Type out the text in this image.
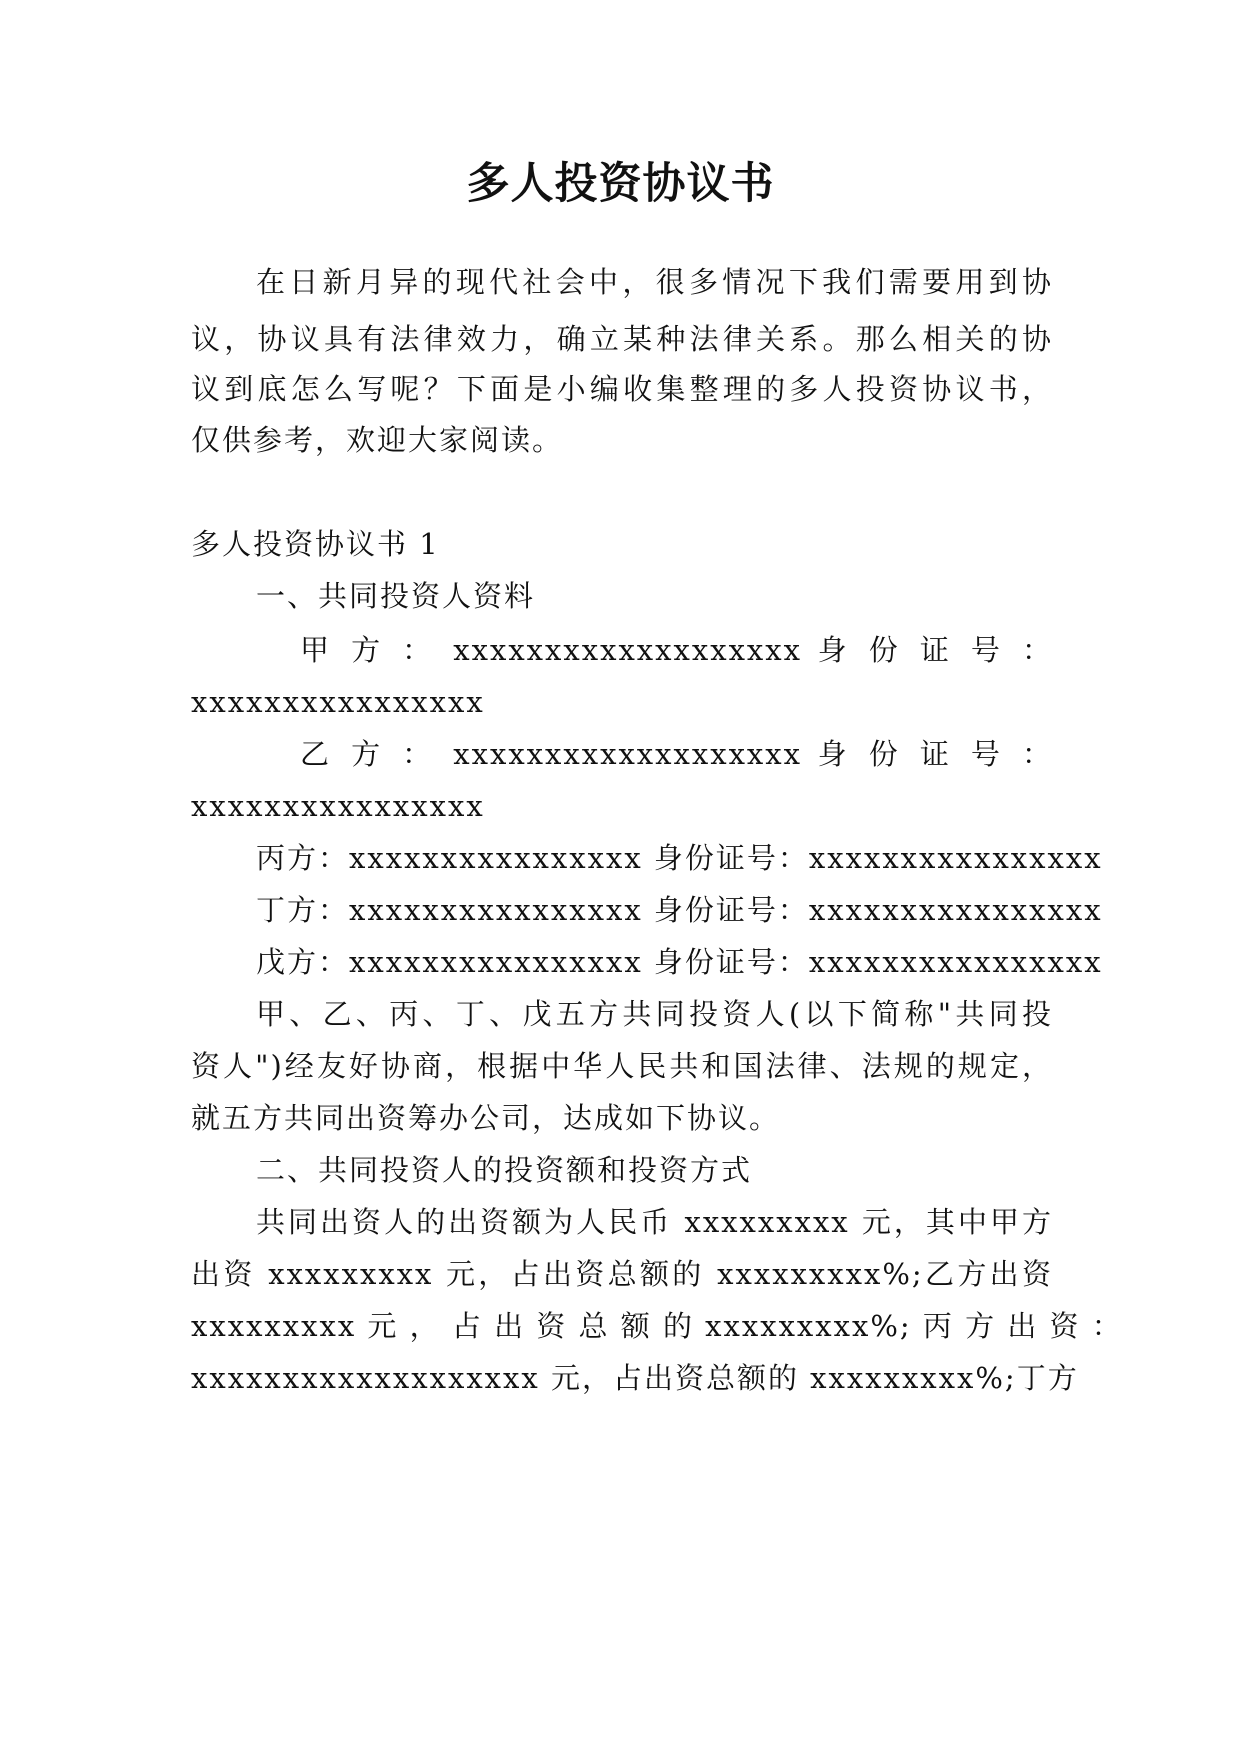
多人投资协议书
在日新月异的现代社会中，很多情况下我们需要用到协
议，协议具有法律效力，确立某种法律关系。那么相关的协
议到底怎么写呢？下面是小编收集整理的多人投资协议书，
仅供参考，欢迎大家阅读。
多人投资协议书 1
一、共同投资人资料
甲 方 ： xxxxxxxxxxxxxxxxxxx 身 份 证 号 ：
xxxxxxxxxxxxxxxx
乙 方 ： xxxxxxxxxxxxxxxxxxx 身 份 证 号 ：
xxxxxxxxxxxxxxxx
丙方：xxxxxxxxxxxxxxxx 身份证号：xxxxxxxxxxxxxxxx
丁方：xxxxxxxxxxxxxxxx 身份证号：xxxxxxxxxxxxxxxx
戊方：xxxxxxxxxxxxxxxx 身份证号：xxxxxxxxxxxxxxxx
甲、乙、丙、丁、戊五方共同投资人(以下简称"共同投
资人")经友好协商，根据中华人民共和国法律、法规的规定，
就五方共同出资筹办公司，达成如下协议。
二、共同投资人的投资额和投资方式
共同出资人的出资额为人民币 xxxxxxxxx 元，其中甲方
出资 xxxxxxxxx 元，占出资总额的 xxxxxxxxx%;乙方出资
xxxxxxxxx 元 ， 占 出 资 总 额 的 xxxxxxxxx%; 丙 方 出 资 ：
xxxxxxxxxxxxxxxxxxx 元，占出资总额的 xxxxxxxxx%;丁方
